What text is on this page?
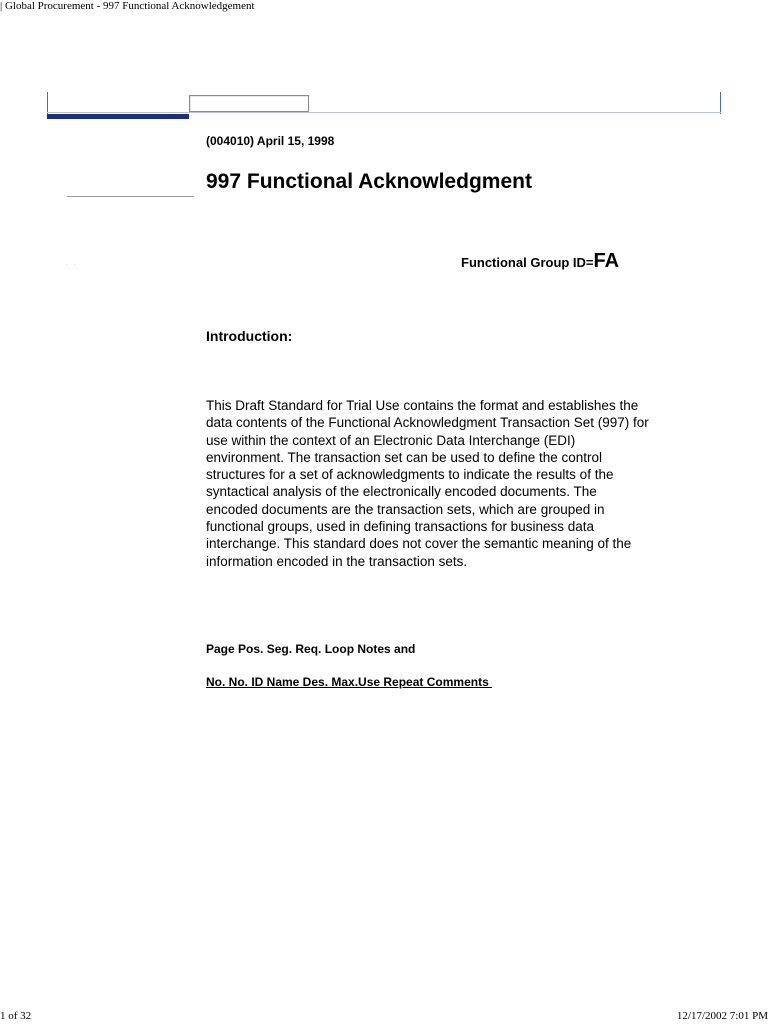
| Global Procurement - 997 Functional Acknowledgement
··
(004010) April 15, 1998
997 Functional Acknowledgment
Functional Group ID=FA
Introduction:

This Draft Standard for Trial Use contains the format and establishes the data contents of the Functional Acknowledgment Transaction Set (997) for use within the context of an Electronic Data Interchange (EDI) environment. The transaction set can be used to define the control structures for a set of acknowledgments to indicate the results of the syntactical analysis of the electronically encoded documents. The encoded documents are the transaction sets, which are grouped in functional groups, used in defining transactions for business data interchange. This standard does not cover the semantic meaning of the information encoded in the transaction sets.

Page Pos. Seg. Req. Loop Notes and
No. No. ID Name Des. Max.Use Repeat Comments
1 of 32	12/17/2002 7:01 PM
